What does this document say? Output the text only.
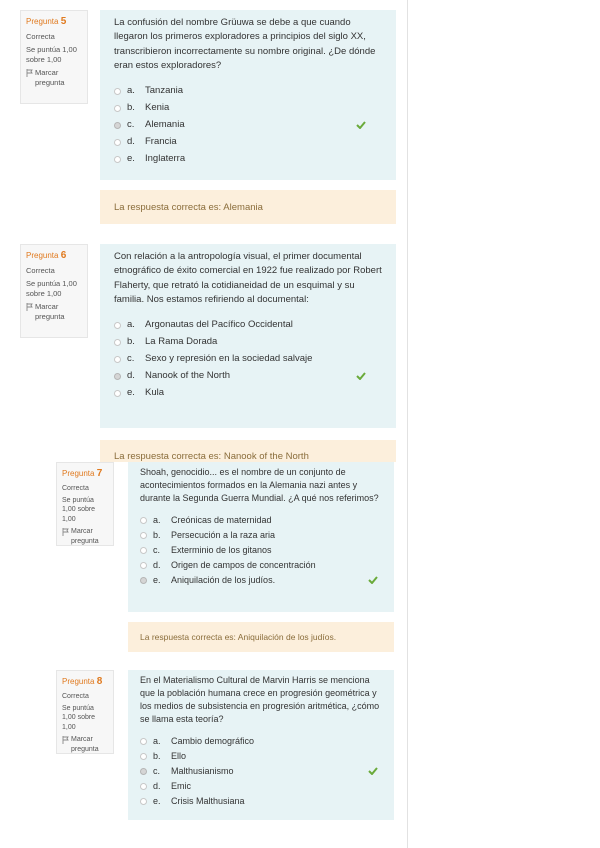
Pregunta 5
Correcta
Se puntúa 1,00 sobre 1,00
Marcar pregunta

La confusión del nombre Grüuwa se debe a que cuando llegaron los primeros exploradores a principios del siglo XX, transcribieron incorrectamente su nombre original. ¿De dónde eran estos exploradores?

a.	Tanzania
b.	Kenia
c.	Alemania
d.	Francia
e.	Inglaterra
La respuesta correcta es: Alemania
Pregunta 6
Correcta
Se puntúa 1,00 sobre 1,00
Marcar pregunta

Con relación a la antropología visual, el primer documental etnográfico de éxito comercial en 1922 fue realizado por Robert Flaherty, que retrató la cotidianeidad de un esquimal y su familia. Nos estamos refiriendo al documental:

a.	Argonautas del Pacífico Occidental
b.	La Rama Dorada
c.	Sexo y represión en la sociedad salvaje
d.	Nanook of the North
e.	Kula
La respuesta correcta es: Nanook of the North
Pregunta 7
Correcta
Se puntúa 1,00 sobre 1,00
Marcar pregunta

Shoah, genocidio... es el nombre de un conjunto de acontecimientos formados en la Alemania nazi antes y durante la Segunda Guerra Mundial. ¿A qué nos referimos?

a.	Creónicas de maternidad
b.	Persecución a la raza aria
c.	Exterminio de los gitanos
d.	Origen de campos de concentración
e.	Aniquilación de los judíos.
La respuesta correcta es: Aniquilación de los judíos.
Pregunta 8
Correcta
Se puntúa 1,00 sobre 1,00
Marcar pregunta

En el Materialismo Cultural de Marvin Harris se menciona que la población humana crece en progresión geométrica y los medios de subsistencia en progresión aritmética, ¿cómo se llama esta teoría?

a.	Cambio demográfico
b.	Ello
c.	Malthusianismo
d.	Emic
e.	Crisis Malthusiana
